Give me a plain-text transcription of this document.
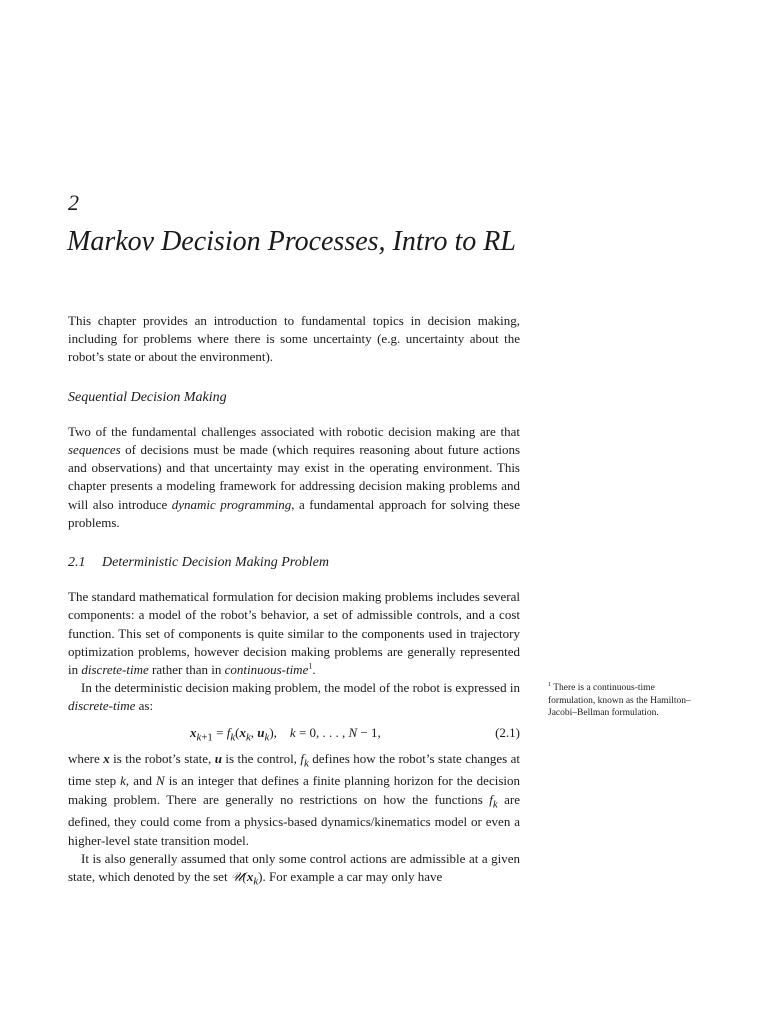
2
Markov Decision Processes, Intro to RL

This chapter provides an introduction to fundamental topics in decision making, including for problems where there is some uncertainty (e.g. uncertainty about the robot’s state or about the environment).

Sequential Decision Making

Two of the fundamental challenges associated with robotic decision making are that sequences of decisions must be made (which requires reasoning about future actions and observations) and that uncertainty may exist in the operating environment. This chapter presents a modeling framework for addressing decision making problems and will also introduce dynamic programming, a fundamental approach for solving these problems.

2.1 Deterministic Decision Making Problem

The standard mathematical formulation for decision making problems includes several components: a model of the robot’s behavior, a set of admissible controls, and a cost function. This set of components is quite similar to the components used in trajectory optimization problems, however decision making problems are generally represented in discrete-time rather than in continuous-time$^1$.

In the deterministic decision making problem, the model of the robot is expressed in discrete-time as:

$x_{k+1} = f_k(x_k$, $u_k$),    k = 0, . . . , N − 1,	(2.1)

where x is the robot’s state, u is the control, $f_k$ defines how the robot’s state changes at time step k, and N is an integer that defines a finite planning horizon for the decision making problem. There are generally no restrictions on how the functions $f_k$ are defined, they could come from a physics-based dynamics/kinematics model or even a higher-level state transition model.

It is also generally assumed that only some control actions are admissible at a given state, which denoted by the set $𝒰(x_k)$. For example a car may only have

$^1$ There is a continuous-time formulation, known as the Hamilton–Jacobi–Bellman formulation.
